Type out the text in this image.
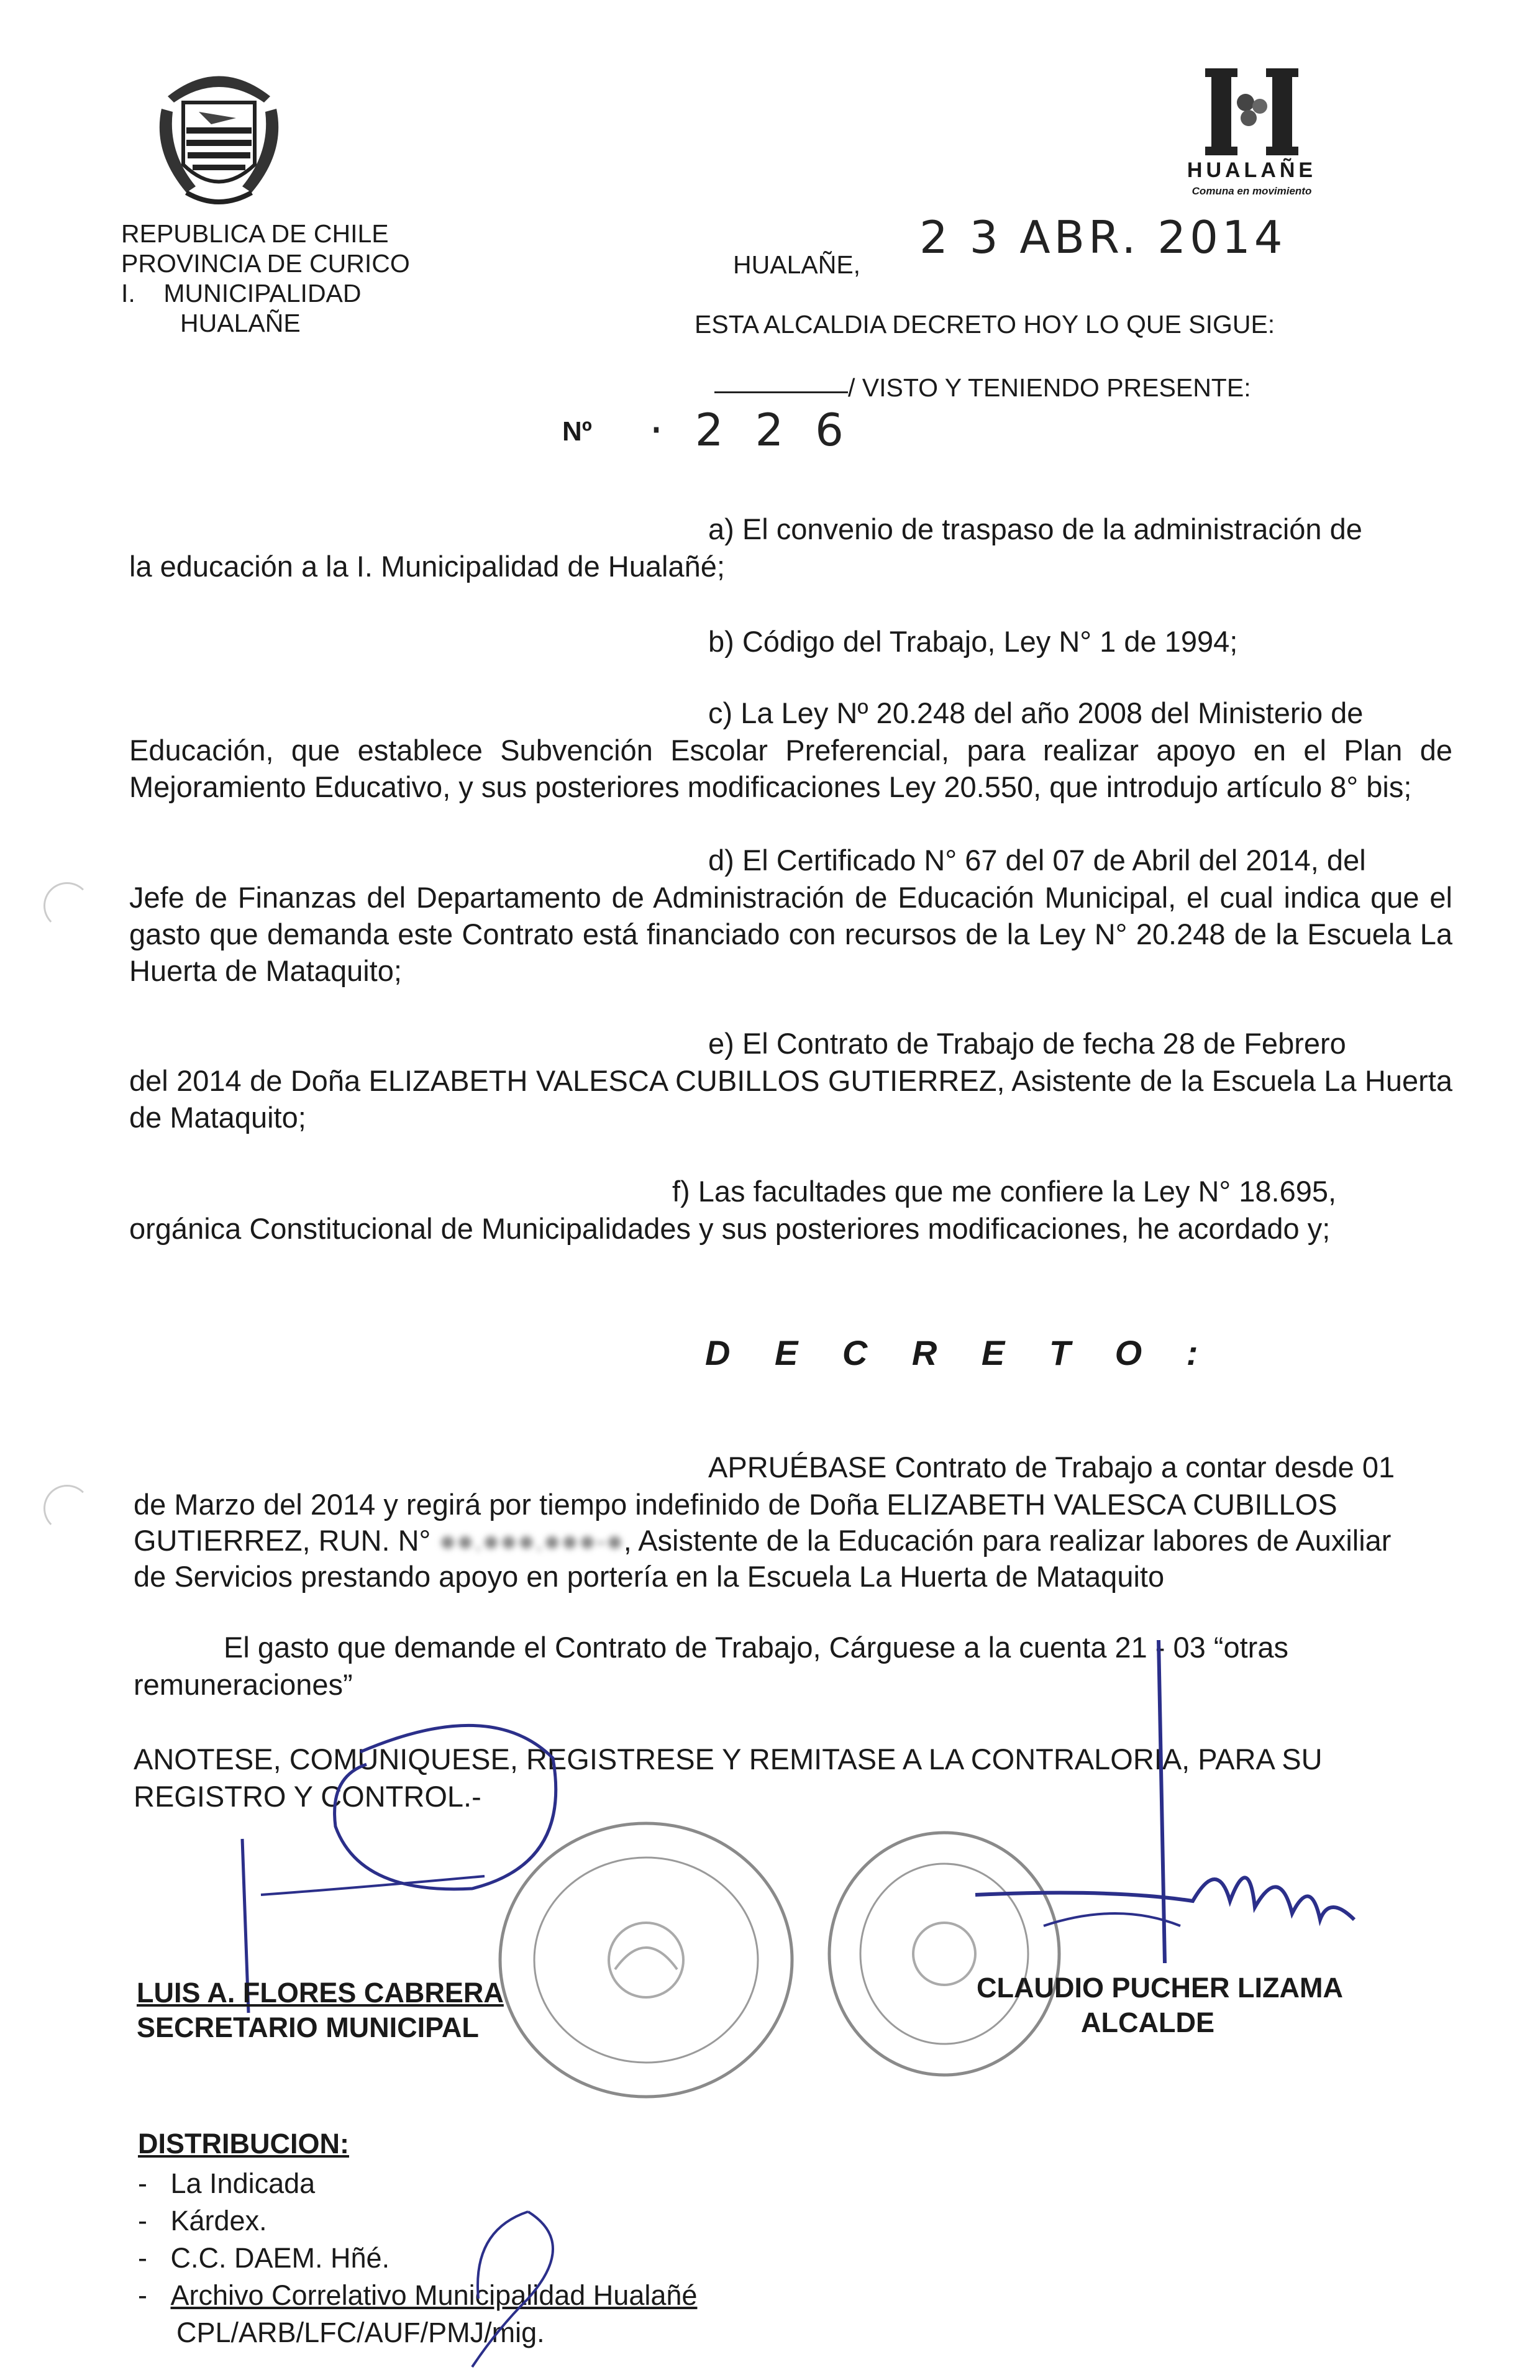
HUALAÑE
Comuna en movimiento
REPUBLICA DE CHILE
PROVINCIA DE CURICO
I.    MUNICIPALIDAD
HUALAÑE
HUALAÑE,
2 3 ABR. 2014
ESTA ALCALDIA DECRETO HOY LO QUE SIGUE:
/ VISTO Y TENIENDO PRESENTE:
Nº · 2 2 6
a) El convenio de traspaso de la administración de
la educación a la I. Municipalidad de Hualañé;
b) Código del Trabajo, Ley N° 1 de 1994;
c) La Ley Nº 20.248 del año 2008 del Ministerio de
Educación, que establece Subvención Escolar Preferencial, para realizar apoyo en el Plan de Mejoramiento Educativo, y sus posteriores modificaciones Ley 20.550, que introdujo artículo 8° bis;
d) El Certificado N° 67 del 07 de Abril del 2014, del
Jefe de Finanzas del Departamento de Administración de Educación Municipal, el cual indica que el gasto que demanda este Contrato está financiado con recursos de la Ley N° 20.248 de la Escuela La Huerta de Mataquito;
e) El Contrato de Trabajo de fecha 28 de Febrero
del 2014 de Doña ELIZABETH VALESCA CUBILLOS GUTIERREZ, Asistente de la Escuela La Huerta de Mataquito;
f) Las facultades que me confiere la Ley N° 18.695,
orgánica Constitucional de Municipalidades y sus posteriores modificaciones, he acordado y;
D E C R E T O :
APRUÉBASE Contrato de Trabajo a contar desde 01
de Marzo del 2014 y regirá por tiempo indefinido de Doña ELIZABETH VALESCA CUBILLOS
GUTIERREZ, RUN. N° ●●.●●●.●●●-●, Asistente de la Educación para realizar labores de Auxiliar
de Servicios prestando apoyo en portería en la Escuela La Huerta de Mataquito
El gasto que demande el Contrato de Trabajo, Cárguese a la cuenta 21 - 03 “otras
remuneraciones”
ANOTESE, COMUNIQUESE, REGISTRESE Y REMITASE A LA CONTRALORIA, PARA SU
REGISTRO Y CONTROL.-
LUIS A. FLORES CABRERA
SECRETARIO MUNICIPAL
CLAUDIO PUCHER LIZAMA
ALCALDE
DISTRIBUCION:
-   La Indicada
-   Kárdex.
-   C.C. DAEM. Hñé.
-   Archivo Correlativo Municipalidad Hualañé
CPL/ARB/LFC/AUF/PMJ/mig.
